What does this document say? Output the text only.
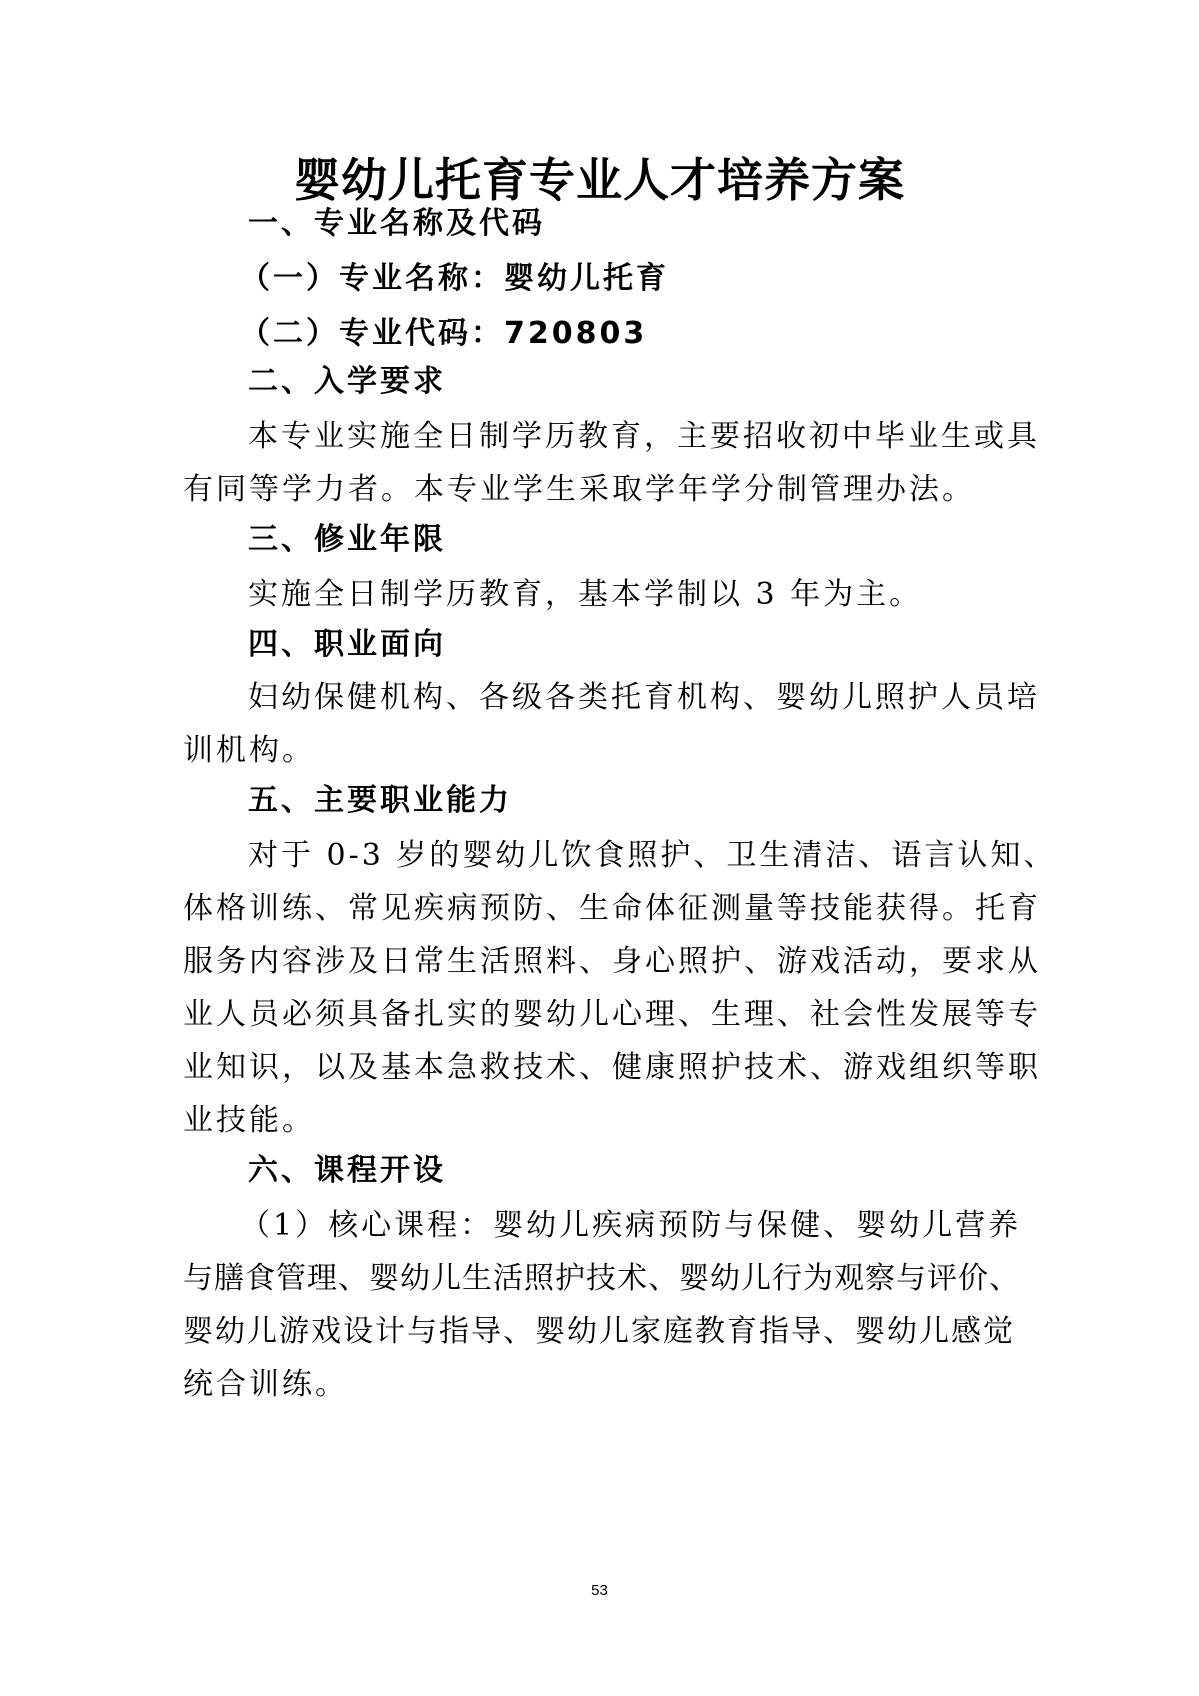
婴幼儿托育专业人才培养方案
一、专业名称及代码
（一）专业名称：婴幼儿托育
（二）专业代码：720803
二、入学要求
本专业实施全日制学历教育，主要招收初中毕业生或具
有同等学力者。本专业学生采取学年学分制管理办法。
三、修业年限
实施全日制学历教育，基本学制以 3 年为主。
四、职业面向
妇幼保健机构、各级各类托育机构、婴幼儿照护人员培
训机构。
五、主要职业能力
对于 0-3 岁的婴幼儿饮食照护、卫生清洁、语言认知、
体格训练、常见疾病预防、生命体征测量等技能获得。托育
服务内容涉及日常生活照料、身心照护、游戏活动，要求从
业人员必须具备扎实的婴幼儿心理、生理、社会性发展等专
业知识，以及基本急救技术、健康照护技术、游戏组织等职
业技能。
六、课程开设
（1）核心课程：婴幼儿疾病预防与保健、婴幼儿营养
与膳食管理、婴幼儿生活照护技术、婴幼儿行为观察与评价、
婴幼儿游戏设计与指导、婴幼儿家庭教育指导、婴幼儿感觉
统合训练。
53
